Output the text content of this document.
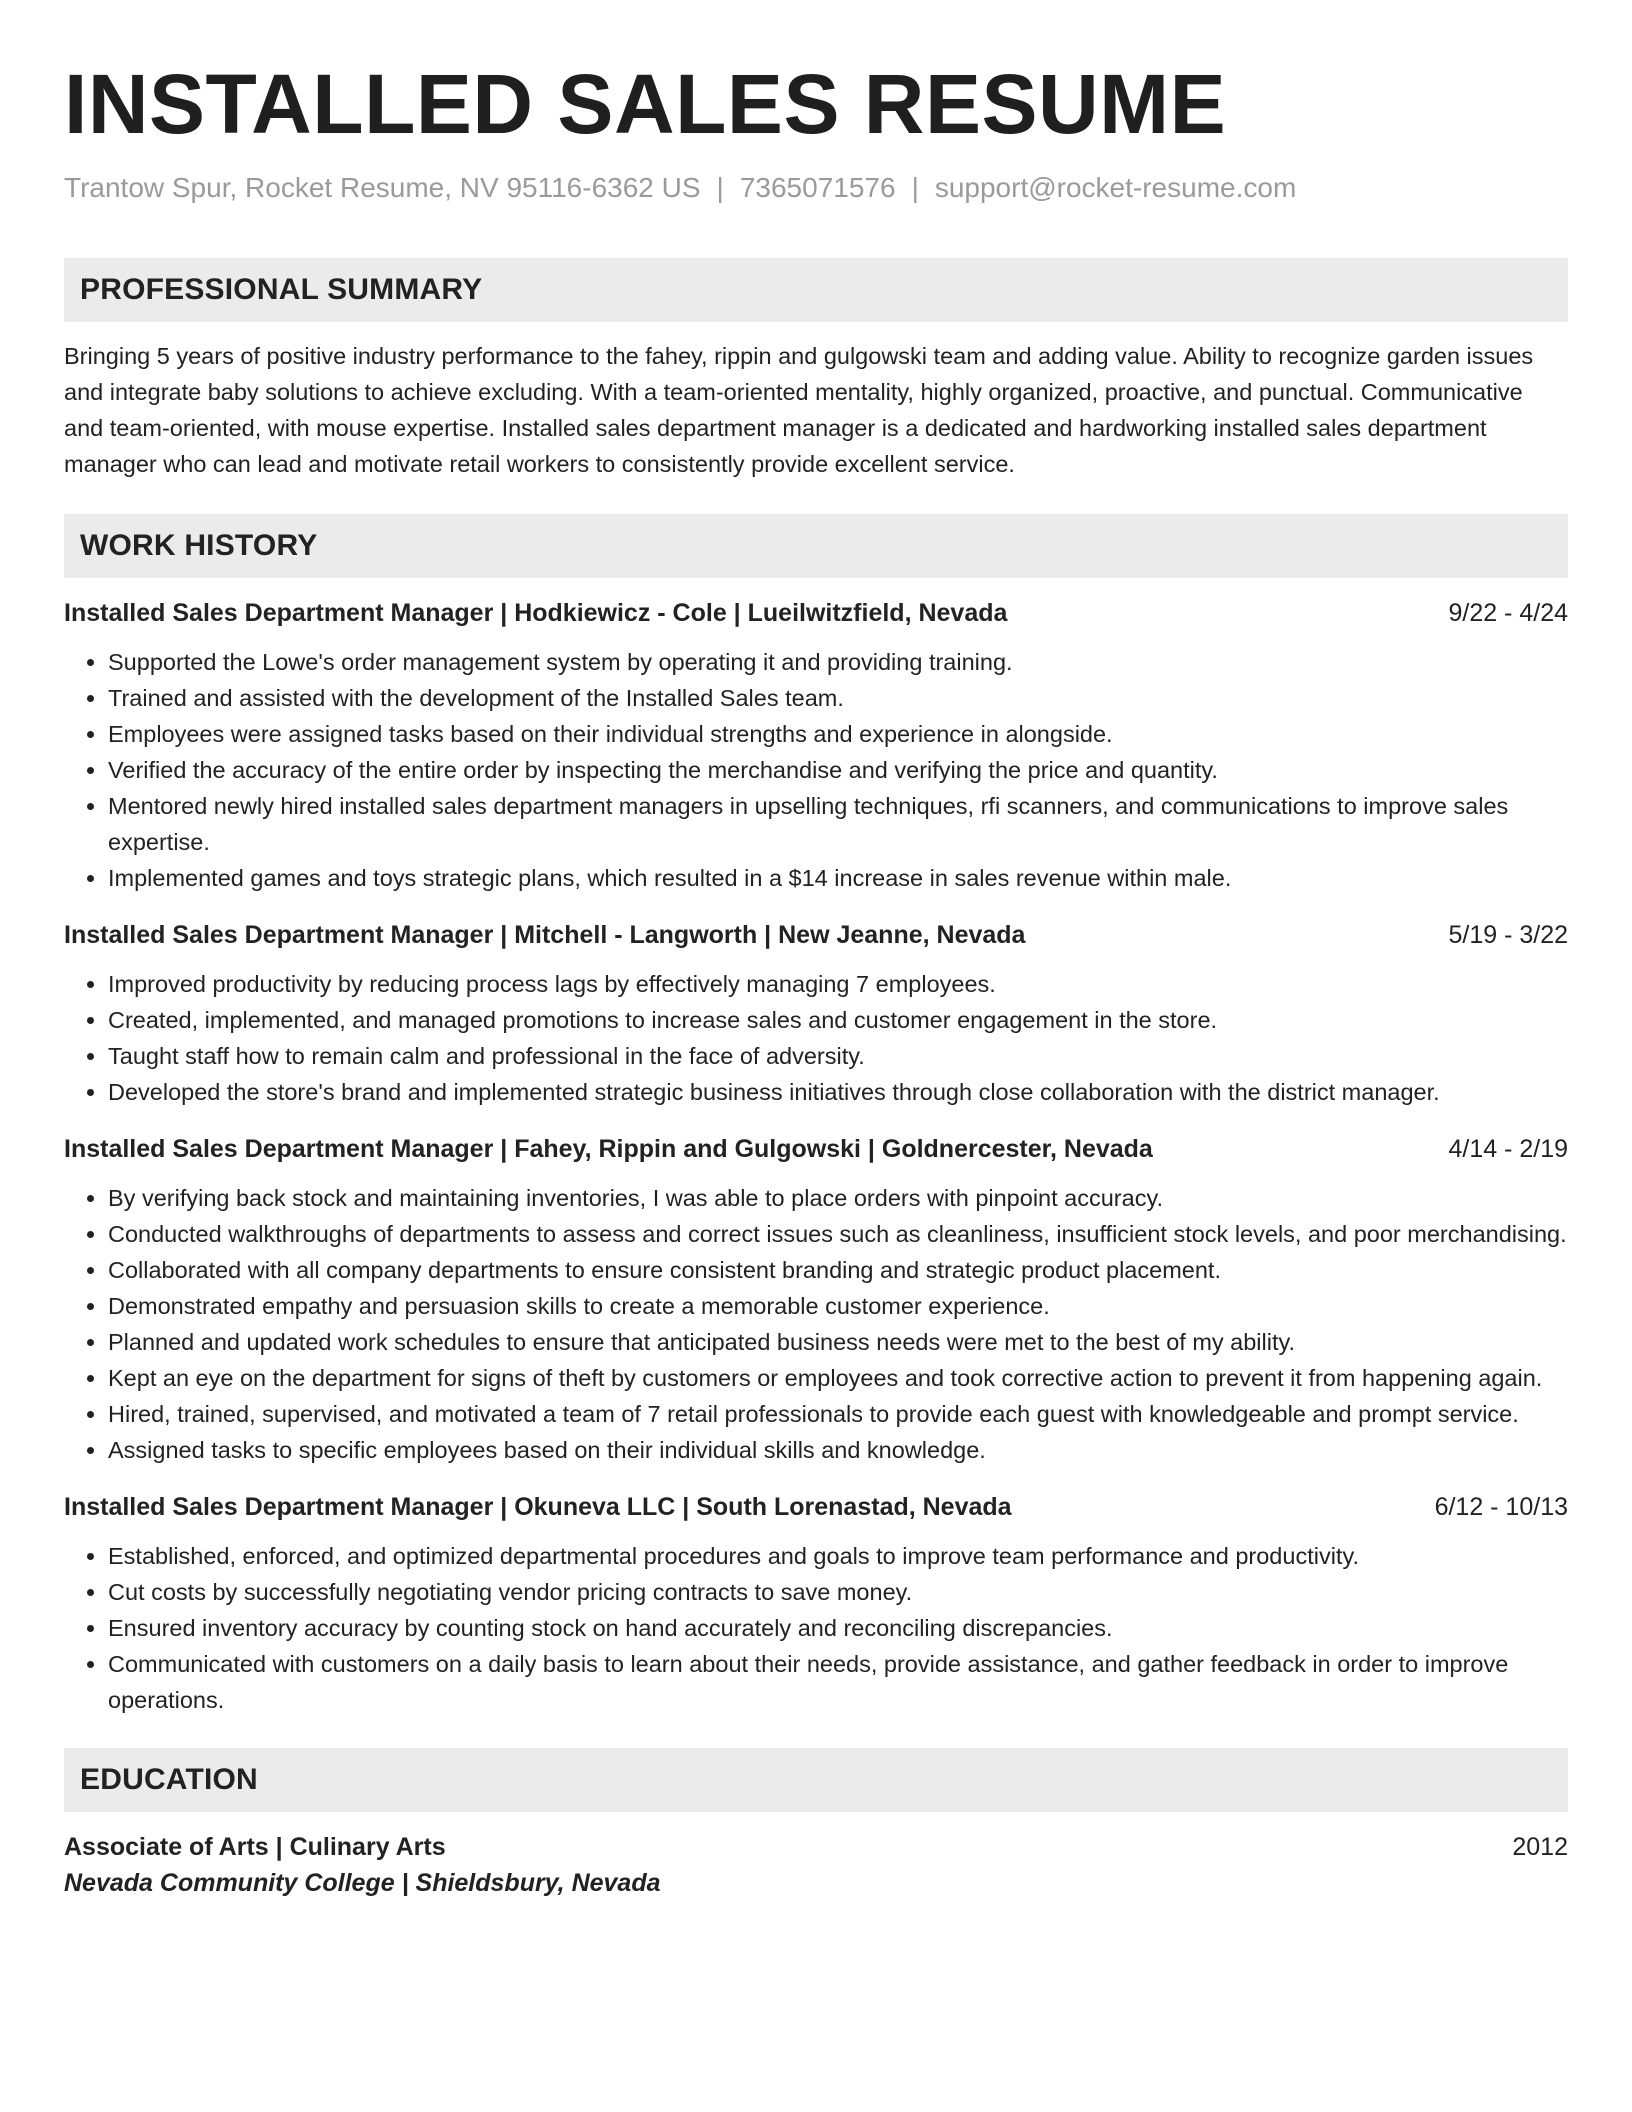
INSTALLED SALES RESUME
Trantow Spur, Rocket Resume, NV 95116-6362 US | 7365071576 | support@rocket-resume.com
PROFESSIONAL SUMMARY
Bringing 5 years of positive industry performance to the fahey, rippin and gulgowski team and adding value. Ability to recognize garden issues and integrate baby solutions to achieve excluding. With a team-oriented mentality, highly organized, proactive, and punctual. Communicative and team-oriented, with mouse expertise. Installed sales department manager is a dedicated and hardworking installed sales department manager who can lead and motivate retail workers to consistently provide excellent service.
WORK HISTORY
Installed Sales Department Manager | Hodkiewicz - Cole | Lueilwitzfield, Nevada	9/22 - 4/24
• Supported the Lowe's order management system by operating it and providing training.
• Trained and assisted with the development of the Installed Sales team.
• Employees were assigned tasks based on their individual strengths and experience in alongside.
• Verified the accuracy of the entire order by inspecting the merchandise and verifying the price and quantity.
• Mentored newly hired installed sales department managers in upselling techniques, rfi scanners, and communications to improve sales expertise.
• Implemented games and toys strategic plans, which resulted in a $14 increase in sales revenue within male.
Installed Sales Department Manager | Mitchell - Langworth | New Jeanne, Nevada	5/19 - 3/22
• Improved productivity by reducing process lags by effectively managing 7 employees.
• Created, implemented, and managed promotions to increase sales and customer engagement in the store.
• Taught staff how to remain calm and professional in the face of adversity.
• Developed the store's brand and implemented strategic business initiatives through close collaboration with the district manager.
Installed Sales Department Manager | Fahey, Rippin and Gulgowski | Goldnercester, Nevada	4/14 - 2/19
• By verifying back stock and maintaining inventories, I was able to place orders with pinpoint accuracy.
• Conducted walkthroughs of departments to assess and correct issues such as cleanliness, insufficient stock levels, and poor merchandising.
• Collaborated with all company departments to ensure consistent branding and strategic product placement.
• Demonstrated empathy and persuasion skills to create a memorable customer experience.
• Planned and updated work schedules to ensure that anticipated business needs were met to the best of my ability.
• Kept an eye on the department for signs of theft by customers or employees and took corrective action to prevent it from happening again.
• Hired, trained, supervised, and motivated a team of 7 retail professionals to provide each guest with knowledgeable and prompt service.
• Assigned tasks to specific employees based on their individual skills and knowledge.
Installed Sales Department Manager | Okuneva LLC | South Lorenastad, Nevada	6/12 - 10/13
• Established, enforced, and optimized departmental procedures and goals to improve team performance and productivity.
• Cut costs by successfully negotiating vendor pricing contracts to save money.
• Ensured inventory accuracy by counting stock on hand accurately and reconciling discrepancies.
• Communicated with customers on a daily basis to learn about their needs, provide assistance, and gather feedback in order to improve operations.
EDUCATION
Associate of Arts | Culinary Arts	2012
Nevada Community College | Shieldsbury, Nevada
